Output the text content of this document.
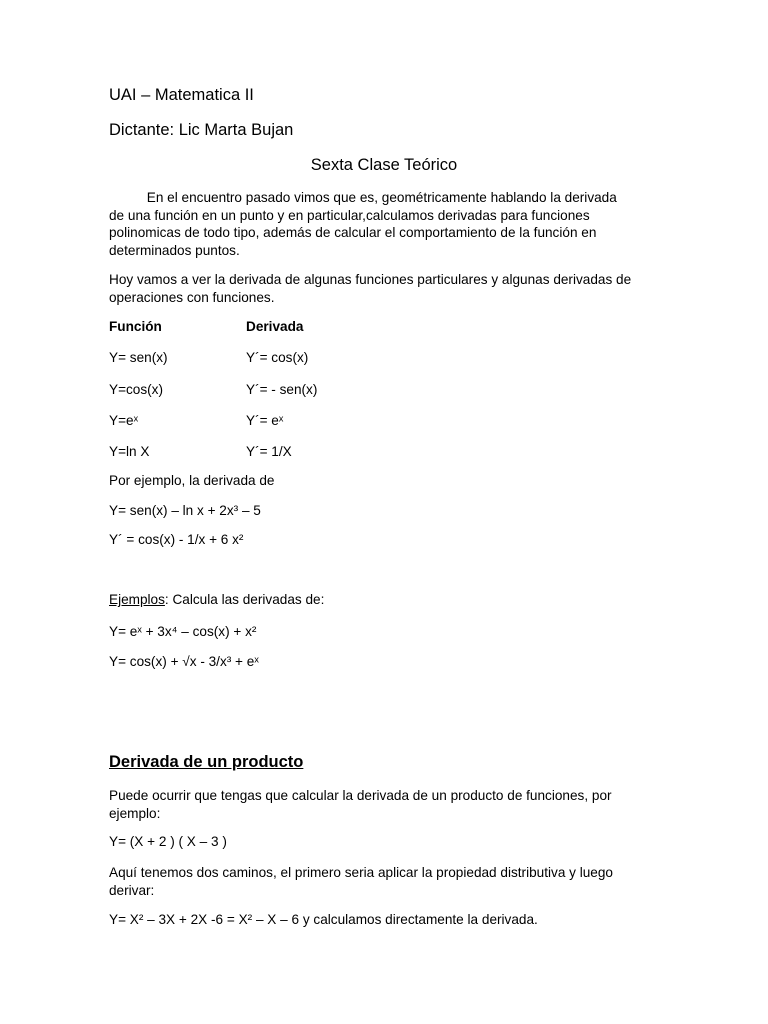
UAI – Matematica II
Dictante: Lic Marta Bujan
Sexta Clase Teórico
En el encuentro pasado vimos que es, geométricamente hablando la derivada
de una función en un punto y en particular,calculamos derivadas para funciones
polinomicas de todo tipo, además de calcular el comportamiento de la función en
determinados puntos.
Hoy vamos a ver la derivada de algunas funciones particulares y algunas derivadas de
operaciones con funciones.
Función	Derivada
Y= sen(x)	Y´= cos(x)
Y=cos(x)	Y´= - sen(x)
Y=eˣ	Y´= eˣ
Y=ln X	Y´= 1/X
Por ejemplo, la derivada de
Y= sen(x) – ln x + 2x³ – 5
Y´ = cos(x) - 1/x + 6 x²
Ejemplos: Calcula las derivadas de:
Y= eˣ + 3x⁴ – cos(x) + x²
Y= cos(x) + √x - 3/x³ + eˣ
Derivada de un producto
Puede ocurrir que tengas que calcular la derivada de un producto de funciones, por
ejemplo:
Y= (X + 2 ) ( X – 3 )
Aquí tenemos dos caminos, el primero seria aplicar la propiedad distributiva y luego
derivar:
Y= X² – 3X + 2X -6 = X² – X – 6 y calculamos directamente la derivada.
